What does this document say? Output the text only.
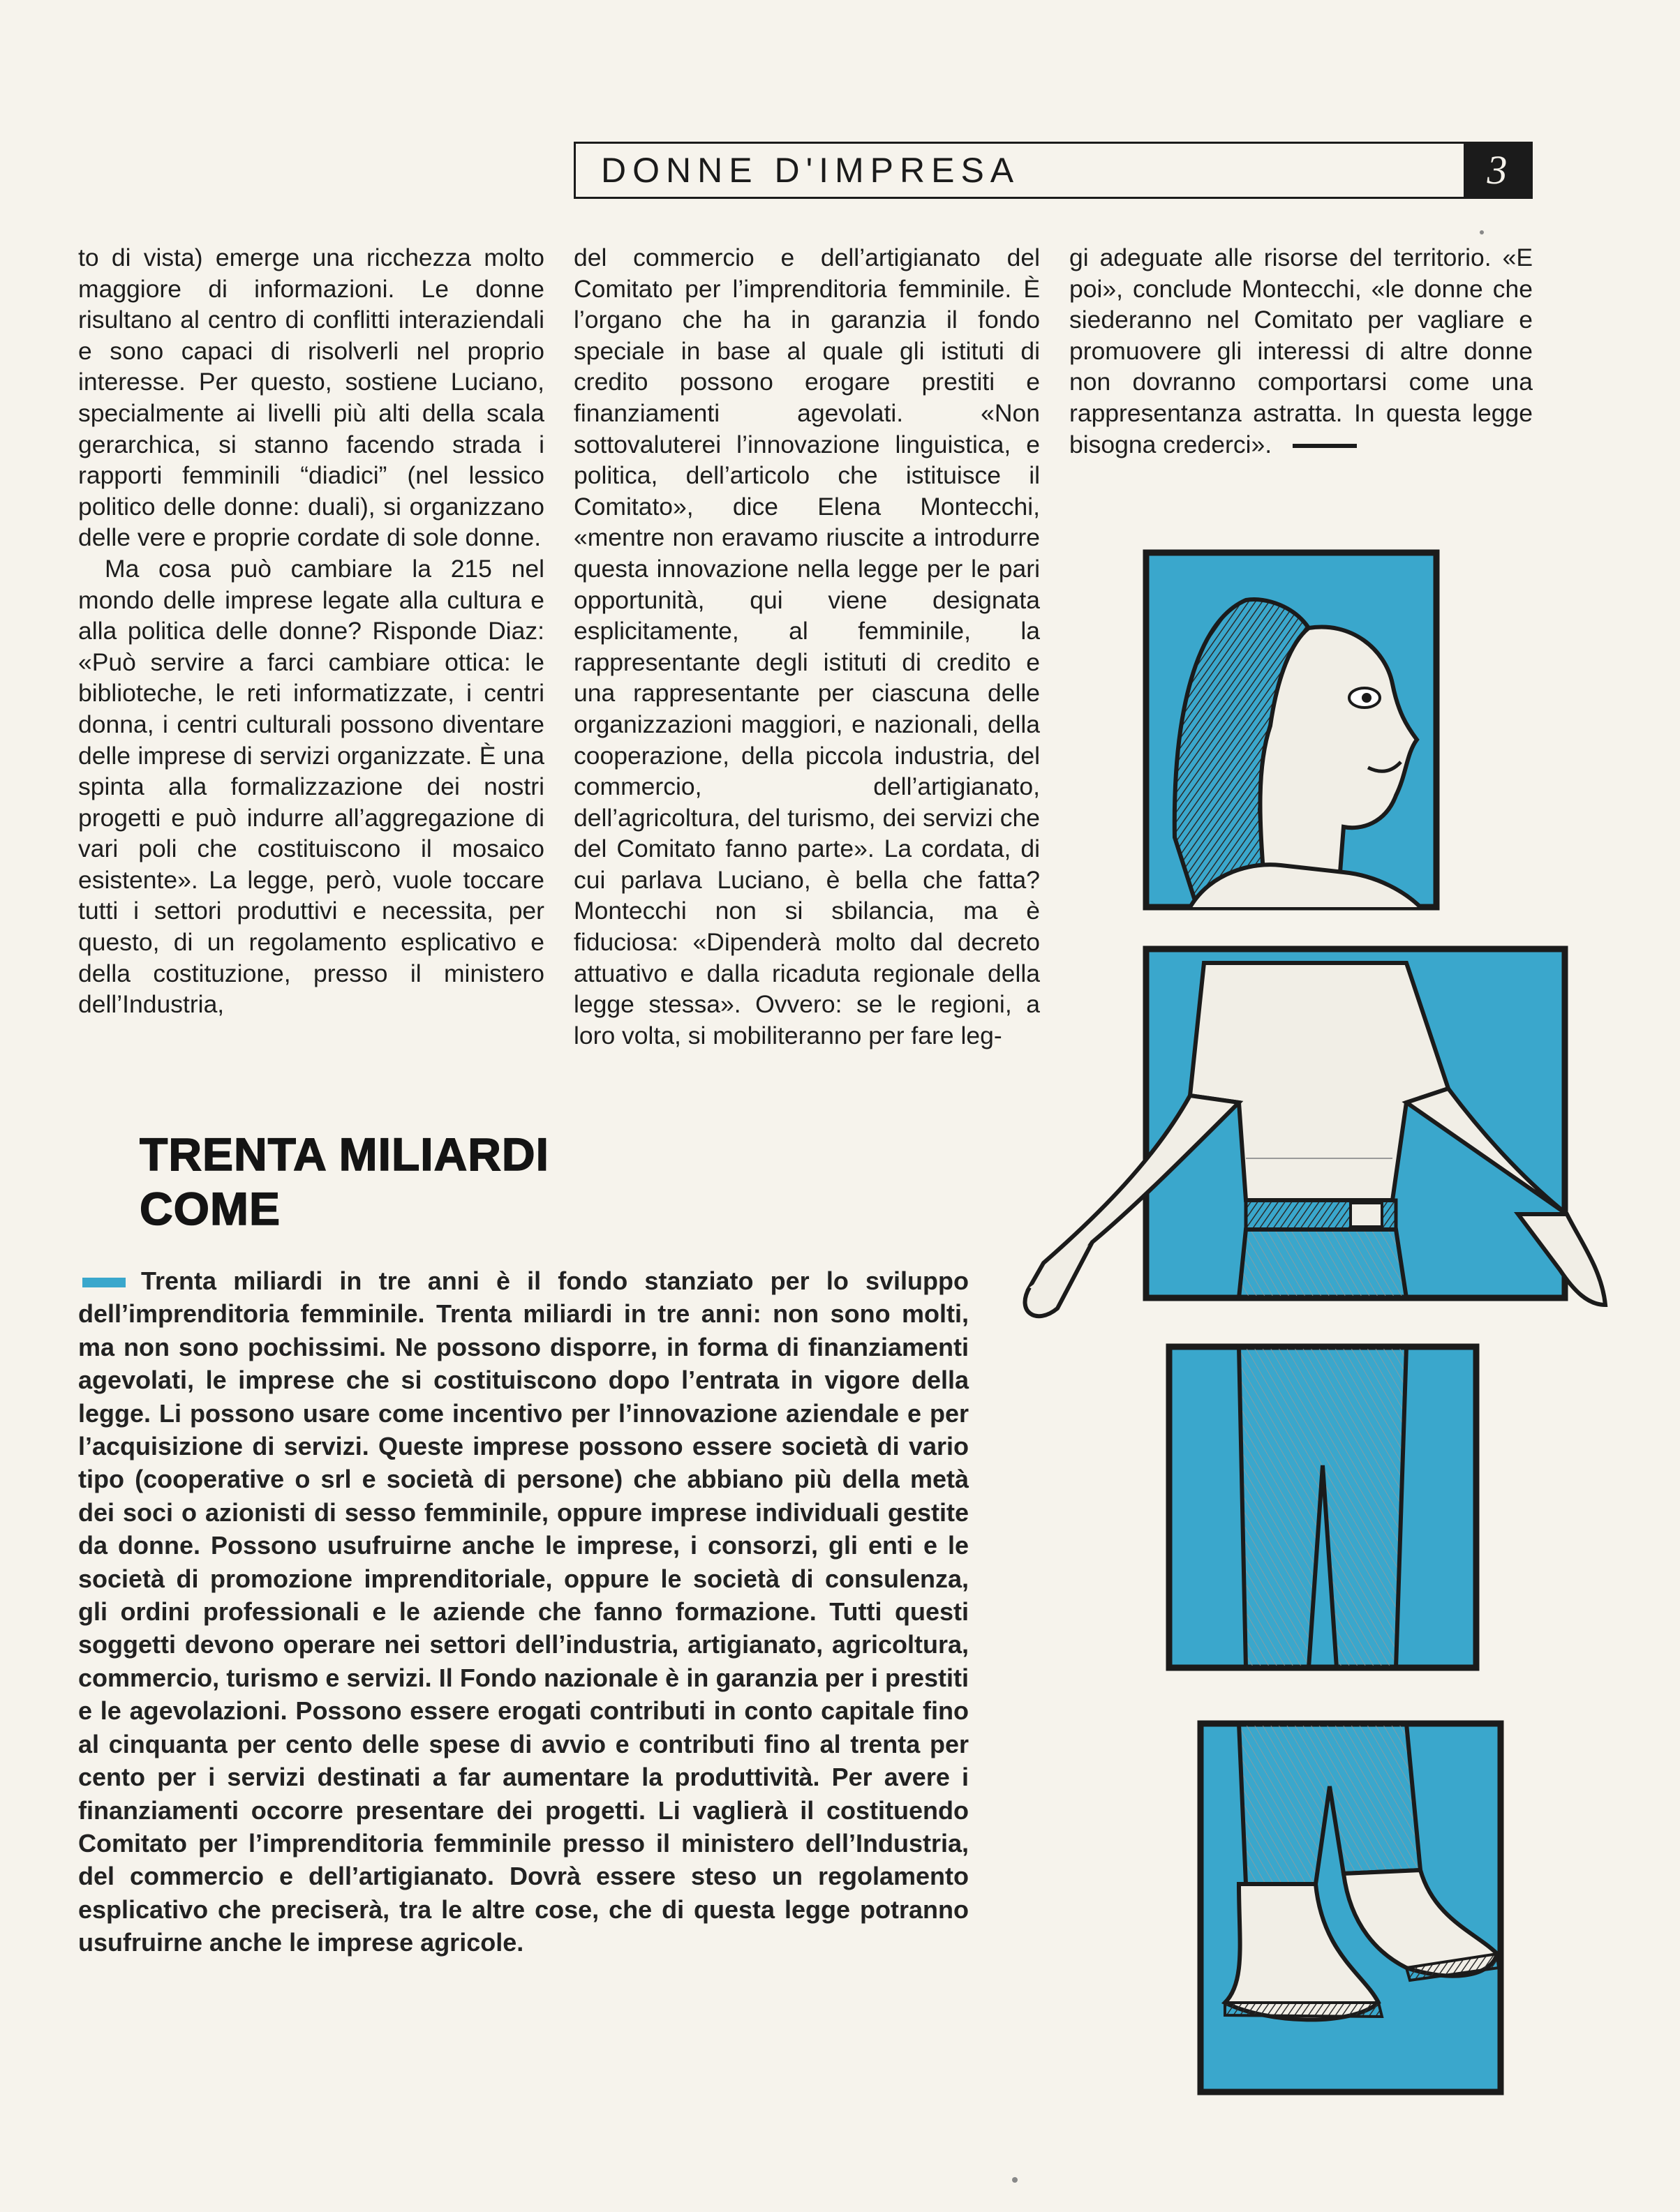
DONNE D'IMPRESA	3

to di vista) emerge una ricchezza molto maggiore di informazioni. Le donne risultano al centro di conflitti interaziendali e sono capaci di risolverli nel proprio interesse. Per questo, sostiene Luciano, specialmente ai livelli più alti della scala gerarchica, si stanno facendo strada i rapporti femminili “diadici” (nel lessico politico delle donne: duali), si organizzano delle vere e proprie cordate di sole donne.

Ma cosa può cambiare la 215 nel mondo delle imprese legate alla cultura e alla politica delle donne? Risponde Diaz: «Può servire a farci cambiare ottica: le biblioteche, le reti informatizzate, i centri donna, i centri culturali possono diventare delle imprese di servizi organizzate. È una spinta alla formalizzazione dei nostri progetti e può indurre all’aggregazione di vari poli che costituiscono il mosaico esistente». La legge, però, vuole toccare tutti i settori produttivi e necessita, per questo, di un regolamento esplicativo e della costituzione, presso il ministero dell’Industria,

del commercio e dell’artigianato del Comitato per l’imprenditoria femminile. È l’organo che ha in garanzia il fondo speciale in base al quale gli istituti di credito possono erogare prestiti e finanziamenti agevolati. «Non sottovaluterei l’innovazione linguistica, e politica, dell’articolo che istituisce il Comitato», dice Elena Montecchi, «mentre non eravamo riuscite a introdurre questa innovazione nella legge per le pari opportunità, qui viene designata esplicitamente, al femminile, la rappresentante degli istituti di credito e una rappresentante per ciascuna delle organizzazioni maggiori, e nazionali, della cooperazione, della piccola industria, del commercio, dell’artigianato, dell’agricoltura, del turismo, dei servizi che del Comitato fanno parte». La cordata, di cui parlava Luciano, è bella che fatta? Montecchi non si sbilancia, ma è fiduciosa: «Dipenderà molto dal decreto attuativo e dalla ricaduta regionale della legge stessa». Ovvero: se le regioni, a loro volta, si mobiliteranno per fare leg-

gi adeguate alle risorse del territorio. «E poi», conclude Montecchi, «le donne che siederanno nel Comitato per vagliare e promuovere gli interessi di altre donne non dovranno comportarsi come una rappresentanza astratta. In questa legge bisogna crederci».

TRENTA MILIARDI
COME
Trenta miliardi in tre anni è il fondo stanziato per lo sviluppo dell’imprenditoria femminile. Trenta miliardi in tre anni: non sono molti, ma non sono pochissimi. Ne possono disporre, in forma di finanziamenti agevolati, le imprese che si costituiscono dopo l’entrata in vigore della legge. Li possono usare come incentivo per l’innovazione aziendale e per l’acquisizione di servizi. Queste imprese possono essere società di vario tipo (cooperative o srl e società di persone) che abbiano più della metà dei soci o azionisti di sesso femminile, oppure imprese individuali gestite da donne. Possono usufruirne anche le imprese, i consorzi, gli enti e le società di promozione imprenditoriale, oppure le società di consulenza, gli ordini professionali e le aziende che fanno formazione. Tutti questi soggetti devono operare nei settori dell’industria, artigianato, agricoltura, commercio, turismo e servizi. Il Fondo nazionale è in garanzia per i prestiti e le agevolazioni. Possono essere erogati contributi in conto capitale fino al cinquanta per cento delle spese di avvio e contributi fino al trenta per cento per i servizi destinati a far aumentare la produttività. Per avere i finanziamenti occorre presentare dei progetti. Li vaglierà il costituendo Comitato per l’imprenditoria femminile presso il ministero dell’Industria, del commercio e dell’artigianato. Dovrà essere steso un regolamento esplicativo che preciserà, tra le altre cose, che di questa legge potranno usufruirne anche le imprese agricole.
